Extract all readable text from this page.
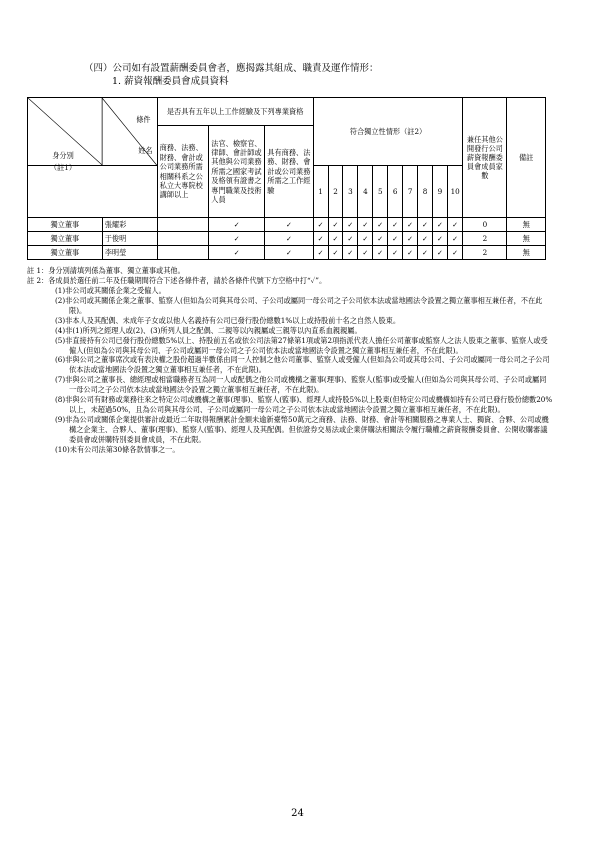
（四）公司如有設置薪酬委員會者，應揭露其組成、職責及運作情形：
1. 薪資報酬委員會成員資料
條件
身分別
（註1）
姓名		是否具有五年以上工作經驗及下列專業資格			符合獨立性情形（註2）										兼任其他公開發行公司薪資報酬委員會成員家數	備註
		商務、法務、財務、會計或公司業務所需相關科系之公私立大專院校講師以上	法官、檢察官、律師、會計師或其他與公司業務所需之國家考試及格領有證書之專門職業及技術人員	具有商務、法務、財務、會計或公司業務所需之工作經驗												
					1	2	3	4	5	6	7	8	9	10		
獨立董事	張耀彩		✓	✓	✓	✓	✓	✓	✓	✓	✓	✓	✓	✓	0	無
獨立董事	于俊明		✓	✓	✓	✓	✓	✓	✓	✓	✓	✓	✓	✓	2	無
獨立董事	李明瑩		✓	✓	✓	✓	✓	✓	✓	✓	✓	✓	✓	✓	2	無
註 1：身分別請填列係為董事、獨立董事或其他。
註 2：各成員於選任前二年及任職期間符合下述各條件者，請於各條件代號下方空格中打“✓”。

(1)非公司或其關係企業之受僱人。

(2)非公司或其關係企業之董事、監察人(但如為公司與其母公司、子公司或屬同一母公司之子公司依本法或當地國法令設置之獨立董事相互兼任者，不在此限)。

(3)非本人及其配偶、未成年子女或以他人名義持有公司已發行股份總數1%以上或持股前十名之自然人股東。

(4)非(1)所列之經理人或(2)、(3)所列人員之配偶、二親等以內親屬或三親等以內直系血親親屬。

(5)非直接持有公司已發行股份總數5%以上、持股前五名或依公司法第27條第1項或第2項指派代表人擔任公司董事或監察人之法人股東之董事、監察人或受僱人(但如為公司與其母公司、子公司或屬同一母公司之子公司依本法或當地國法令設置之獨立董事相互兼任者，不在此限)。

(6)非與公司之董事席次或有表決權之股份超過半數係由同一人控制之他公司董事、監察人或受僱人(但如為公司或其母公司、子公司或屬同一母公司之子公司依本法或當地國法令設置之獨立董事相互兼任者，不在此限)。

(7)非與公司之董事長、總經理或相當職務者互為同一人或配偶之他公司或機構之董事(理事)、監察人(監事)或受僱人(但如為公司與其母公司、子公司或屬同一母公司之子公司依本法或當地國法令設置之獨立董事相互兼任者，不在此限)。

(8)非與公司有財務或業務往來之特定公司或機構之董事(理事)、監察人(監事)、經理人或持股5%以上股東(但特定公司或機構如持有公司已發行股份總數20%以上，未超過50%，且為公司與其母公司、子公司或屬同一母公司之子公司依本法或當地國法令設置之獨立董事相互兼任者，不在此限)。

(9)非為公司或關係企業提供審計或最近二年取得報酬累計金額未逾新臺幣50萬元之商務、法務、財務、會計等相關服務之專業人士、獨資、合夥、公司或機構之企業主、合夥人、董事(理事)、監察人(監事)、經理人及其配偶。但依證券交易法或企業併購法相關法令履行職權之薪資報酬委員會、公開收購審議委員會或併購特別委員會成員，不在此限。

(10)未有公司法第30條各款情事之一。

24
